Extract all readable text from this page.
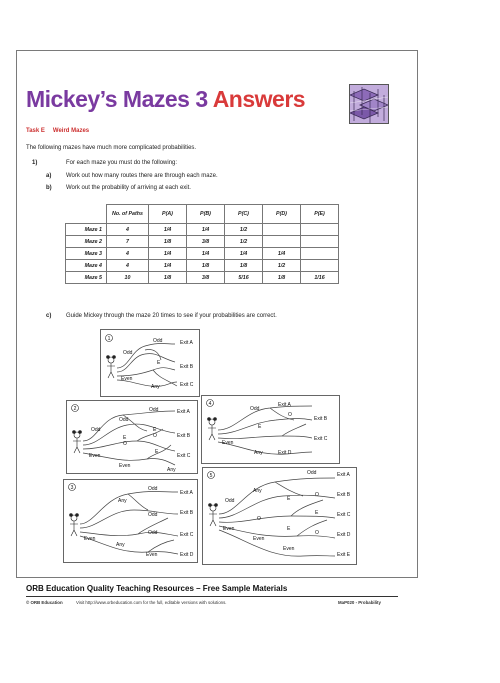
Mickey’s Mazes 3 Answers
Task E Weird Mazes
The following mazes have much more complicated probabilities.
1)	For each maze you must do the following:
a) Work out how many routes there are through each maze.
b) Work out the probability of arriving at each exit.
	No. of Paths	P(A)	P(B)	P(C)	P(D)	P(E)
Maze 1	4	1/4	1/4	1/2		
Maze 2	7	1/8	3/8	1/2		
Maze 3	4	1/4	1/4	1/4	1/4	
Maze 4	4	1/4	1/8	1/8	1/2	
Maze 5	10	1/8	3/8	5/16	1/8	1/16
c) Guide Mickey through the maze 20 times to see if your probabilities are correct.
1	Odd
Odd
E
Even
Any
Exit A
Exit B
Exit C
2	Odd
Odd
Odd	E
O
E
O
E
Even
Even
Any
Exit A
Exit B
Exit C
3	Odd
Any
Odd
Even
Any
Odd
Even
Exit A
Exit B
Exit C
Exit D
4
Odd
O
E
Even
Any
Exit A
Exit B
Exit C
Exit D
5	Odd
Any
Odd	E
O
E
O
E
O
Even
Even
Even
Exit A
Exit B
Exit C
Exit D
Exit E
ORB Education Quality Teaching Resources – Free Sample Materials
© ORB Education	Visit http://www.orbeducation.com for the full, editable versions with solutions.	MaP020 - Probability
